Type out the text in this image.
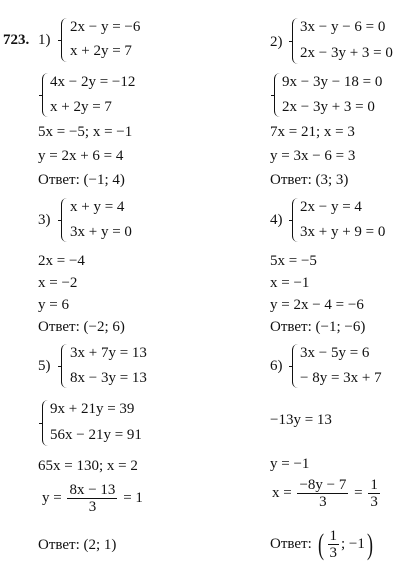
723. 1)
2x − y = −6
x + 2y = 7
4x − 2y = −12
x + 2y = 7
5x = −5; x = −1
y = 2x + 6 = 4
Ответ: (−1; 4)
3)
x + y = 4
3x + y = 0
2x = −4
x = −2
y = 6
Ответ: (−2; 6)
5)
3x + 7y = 13
8x − 3y = 13
9x + 21y = 39
56x − 21y = 91
65x = 130; x = 2
$y = \frac{8x - 13}{3} = 1$
Ответ: (2; 1)
2)
3x − y − 6 = 0
2x − 3y + 3 = 0
9x − 3y − 18 = 0
2x − 3y + 3 = 0
7x = 21; x = 3
y = 3x − 6 = 3
Ответ: (3; 3)
4)
2x − y = 4
3x + y + 9 = 0
5x = −5
x = −1
y = 2x − 4 = −6
Ответ: (−1; −6)
6)
3x − 5y = 6
− 8y = 3x + 7
−13y = 13
y = −1
$x = \frac{-8y - 7}{3} = \frac{1}{3}$
Ответ: ( $\frac{1}{3}$ ; −1)
